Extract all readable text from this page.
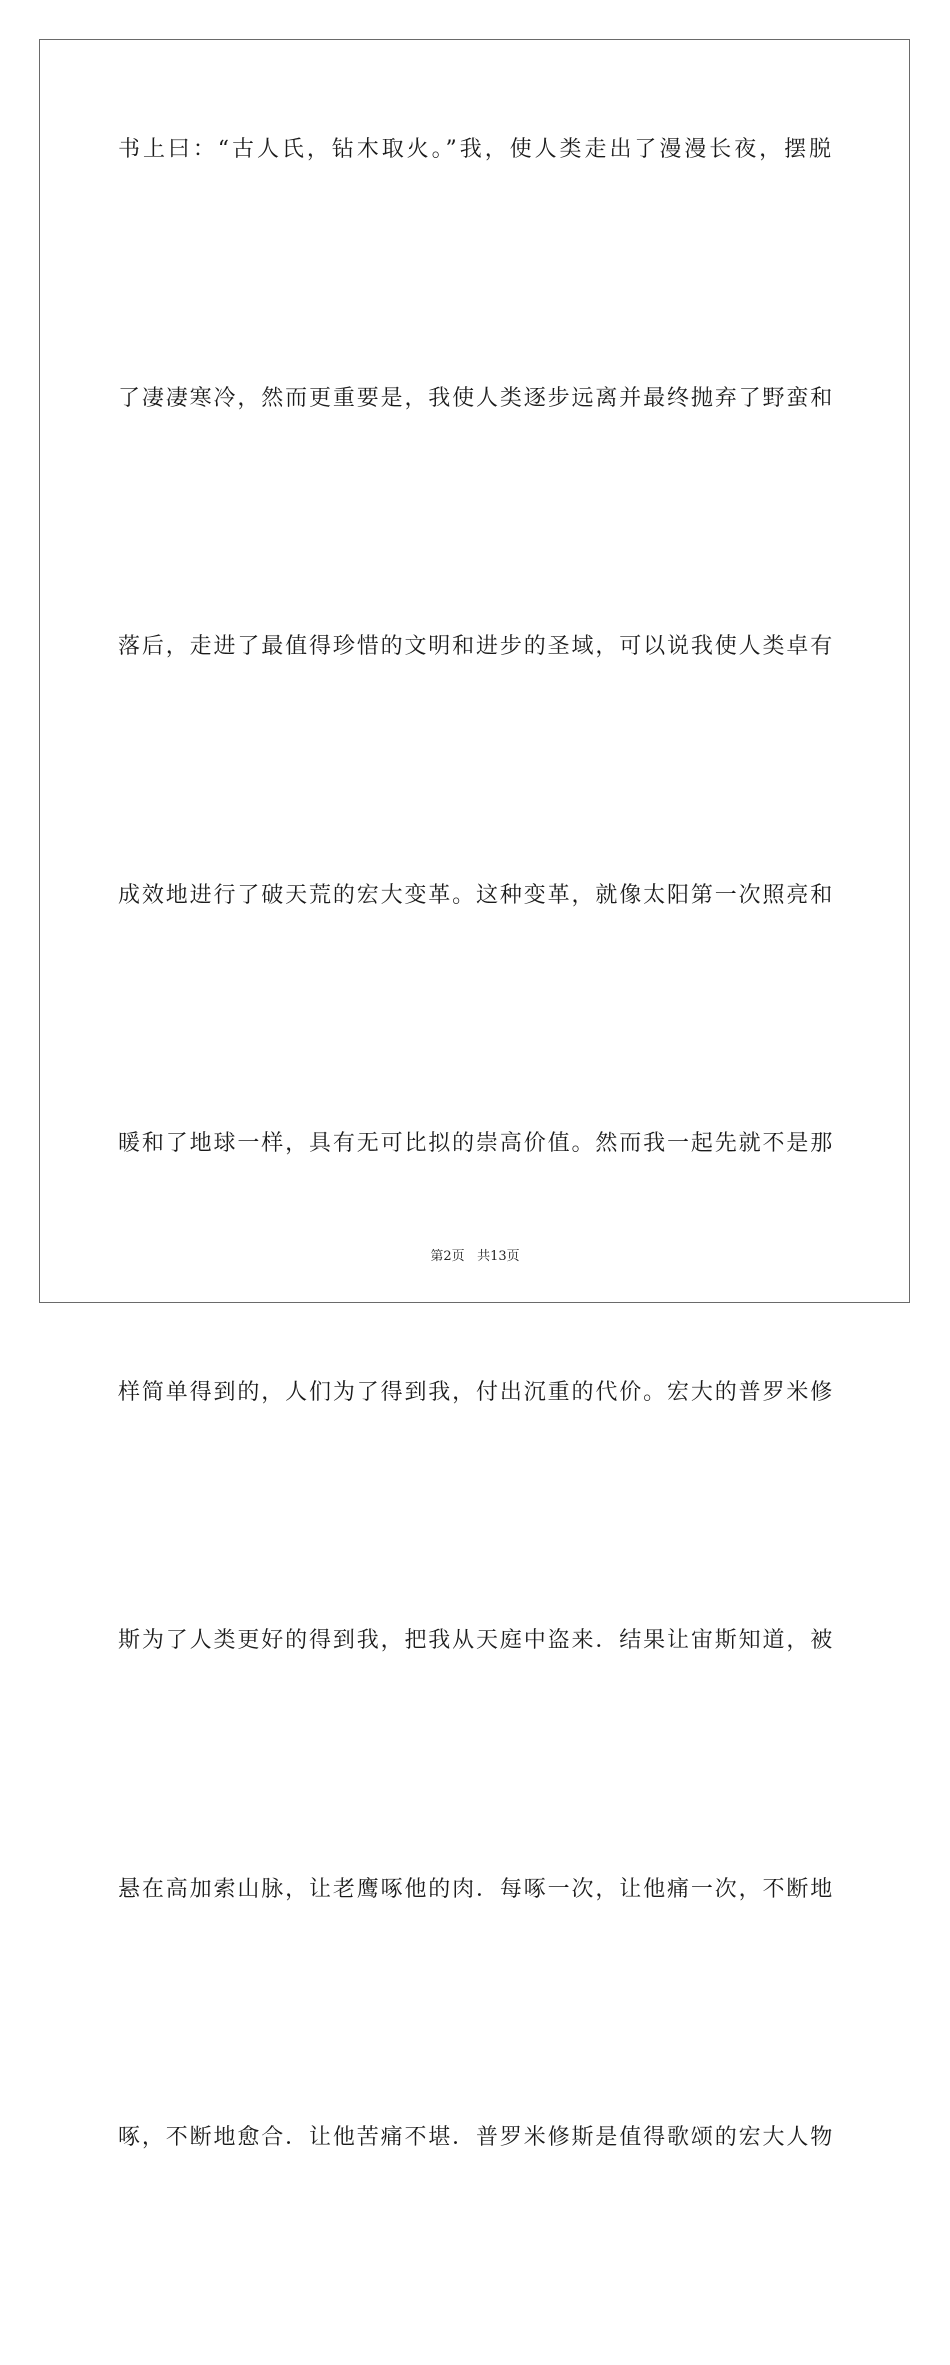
书上曰：“古人氏，钻木取火。”我，使人类走出了漫漫长夜，摆脱
了凄凄寒冷，然而更重要是，我使人类逐步远离并最终抛弃了野蛮和
落后，走进了最值得珍惜的文明和进步的圣域，可以说我使人类卓有
成效地进行了破天荒的宏大变革。这种变革，就像太阳第一次照亮和
暖和了地球一样，具有无可比拟的崇高价值。然而我一起先就不是那
样简单得到的，人们为了得到我，付出沉重的代价。宏大的普罗米修
斯为了人类更好的得到我，把我从天庭中盗来．结果让宙斯知道，被
悬在高加索山脉，让老鹰啄他的肉．每啄一次，让他痛一次，不断地
啄，不断地愈合．让他苦痛不堪．普罗米修斯是值得歌颂的宏大人物
第2页 共13页
